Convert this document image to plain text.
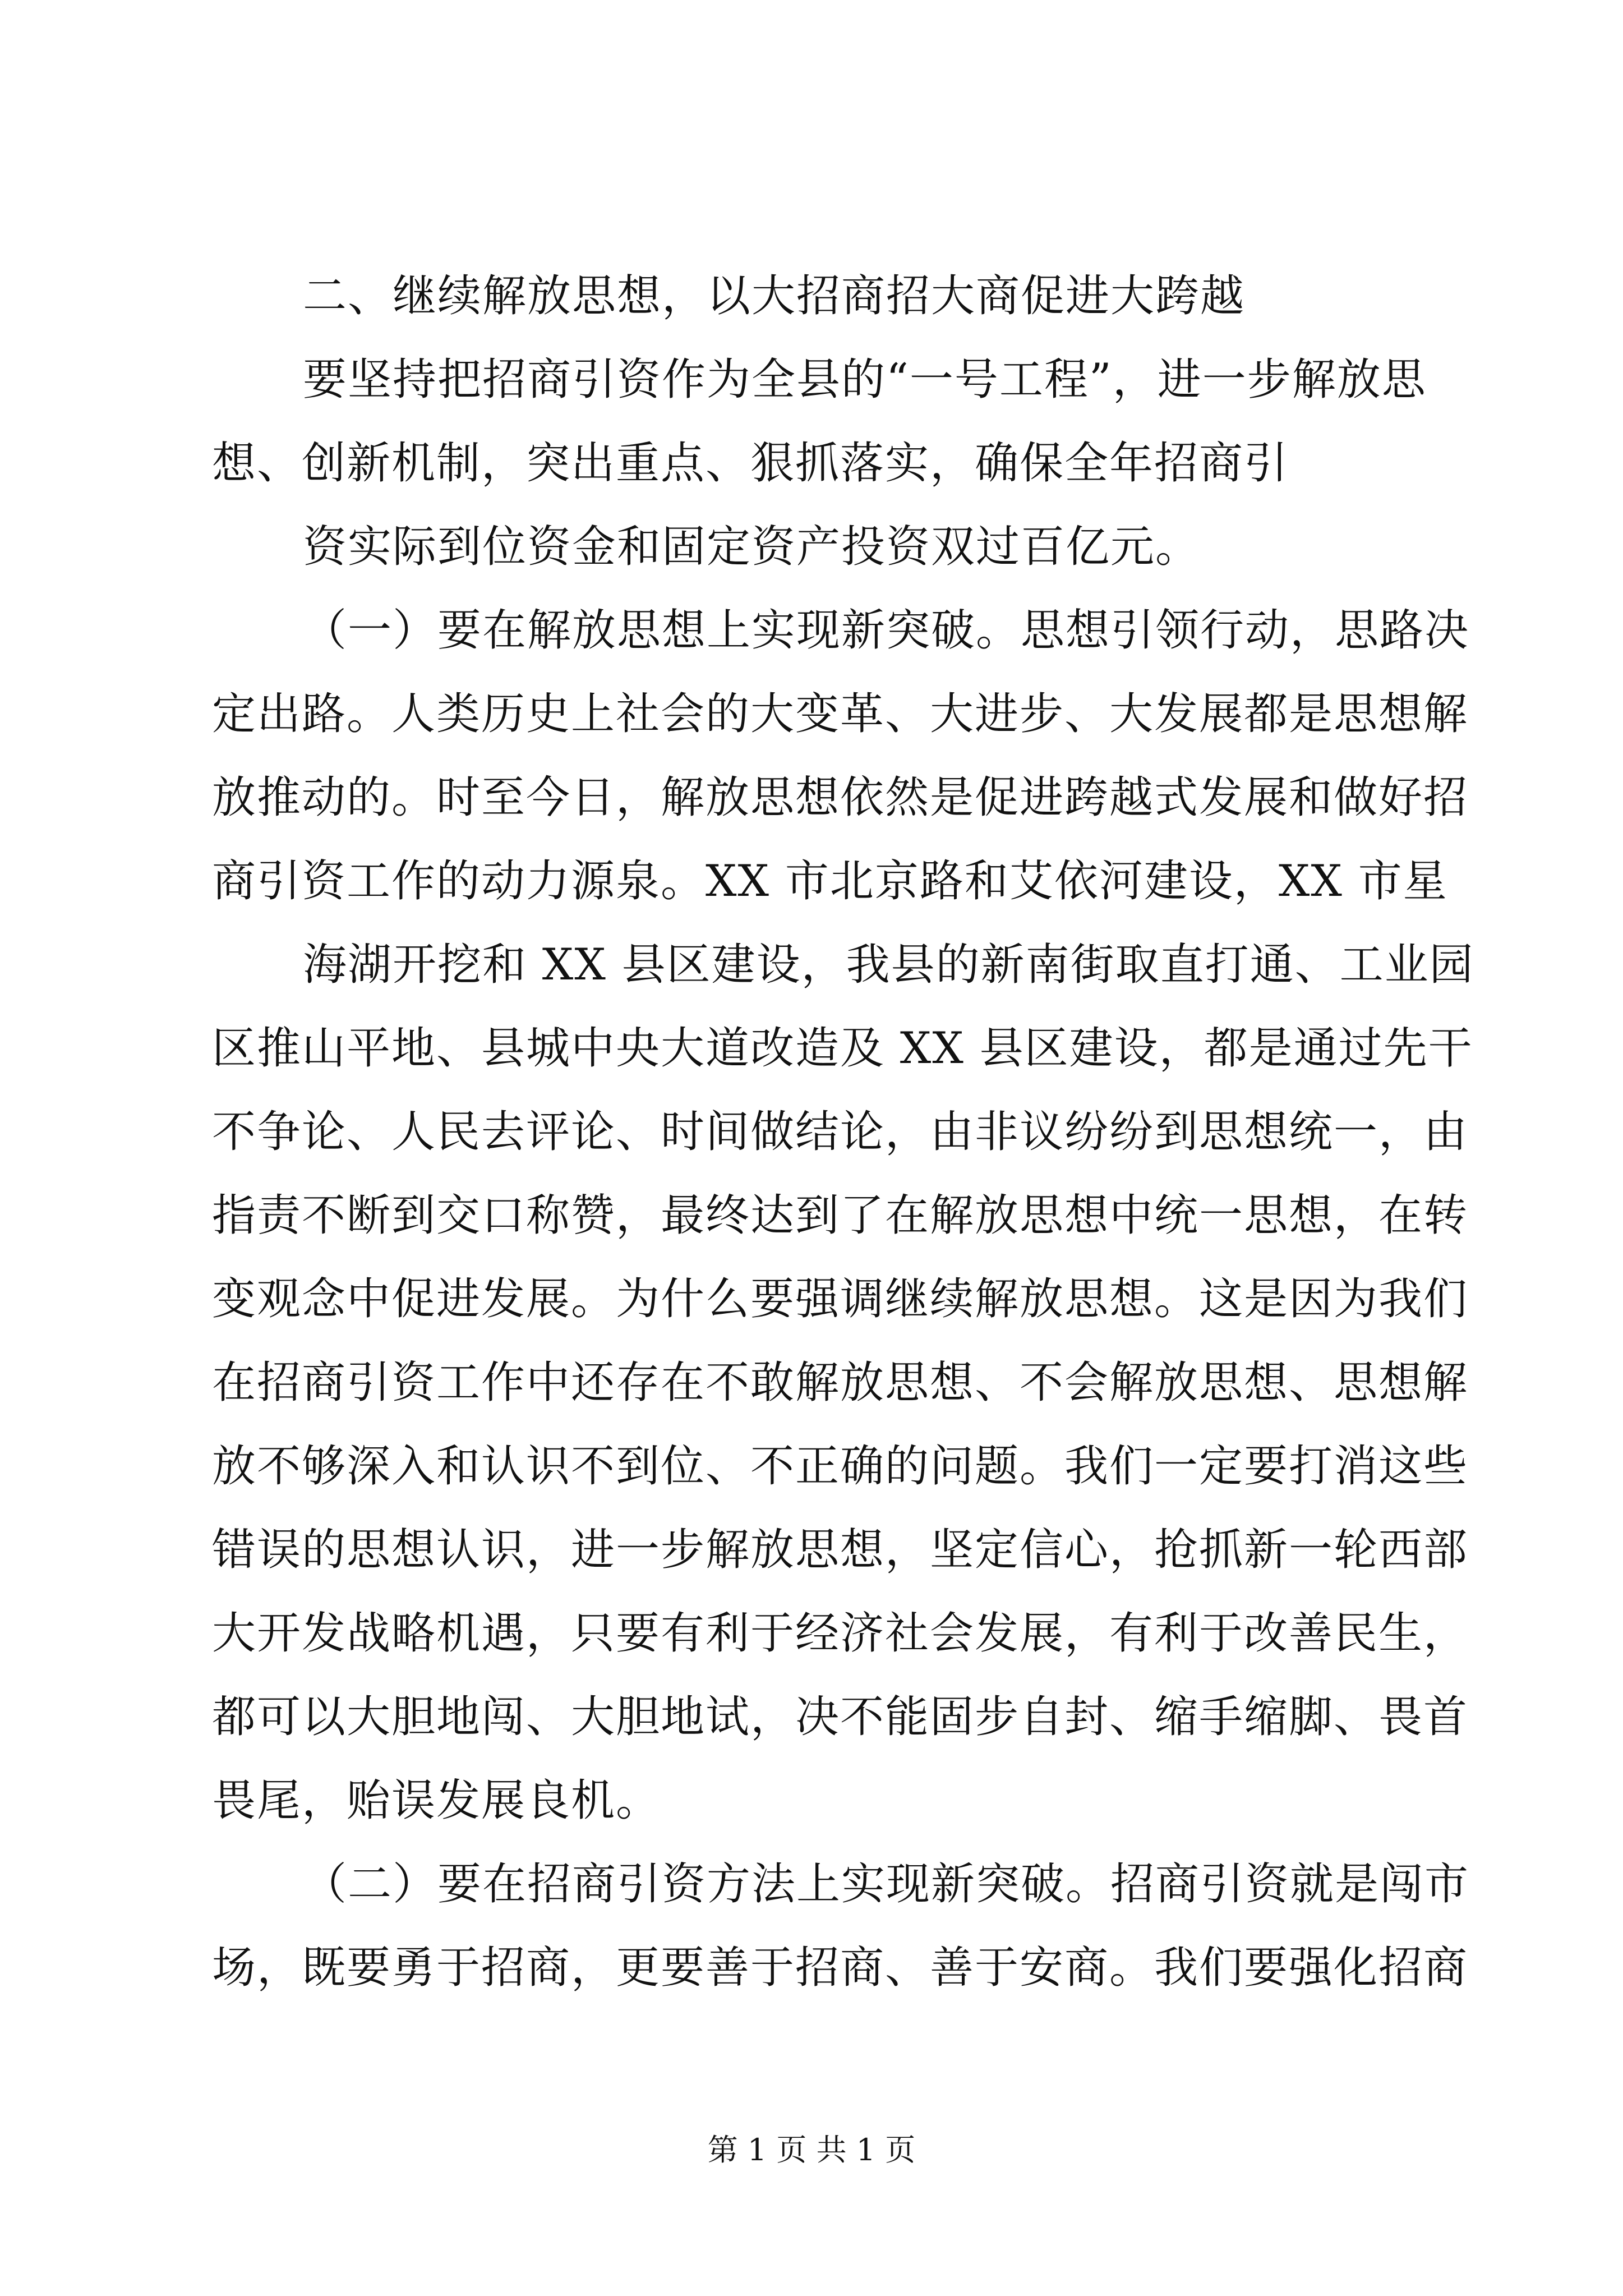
二、继续解放思想，以大招商招大商促进大跨越
要坚持把招商引资作为全县的“一号工程”，进一步解放思
想、创新机制，突出重点、狠抓落实，确保全年招商引
资实际到位资金和固定资产投资双过百亿元。
（一）要在解放思想上实现新突破。思想引领行动，思路决
定出路。人类历史上社会的大变革、大进步、大发展都是思想解
放推动的。时至今日，解放思想依然是促进跨越式发展和做好招
商引资工作的动力源泉。XX 市北京路和艾依河建设，XX 市星
海湖开挖和 XX 县区建设，我县的新南街取直打通、工业园
区推山平地、县城中央大道改造及 XX 县区建设，都是通过先干
不争论、人民去评论、时间做结论，由非议纷纷到思想统一，由
指责不断到交口称赞，最终达到了在解放思想中统一思想，在转
变观念中促进发展。为什么要强调继续解放思想。这是因为我们
在招商引资工作中还存在不敢解放思想、不会解放思想、思想解
放不够深入和认识不到位、不正确的问题。我们一定要打消这些
错误的思想认识，进一步解放思想，坚定信心，抢抓新一轮西部
大开发战略机遇，只要有利于经济社会发展，有利于改善民生，
都可以大胆地闯、大胆地试，决不能固步自封、缩手缩脚、畏首
畏尾，贻误发展良机。
（二）要在招商引资方法上实现新突破。招商引资就是闯市
场，既要勇于招商，更要善于招商、善于安商。我们要强化招商
第 1 页 共 1 页
